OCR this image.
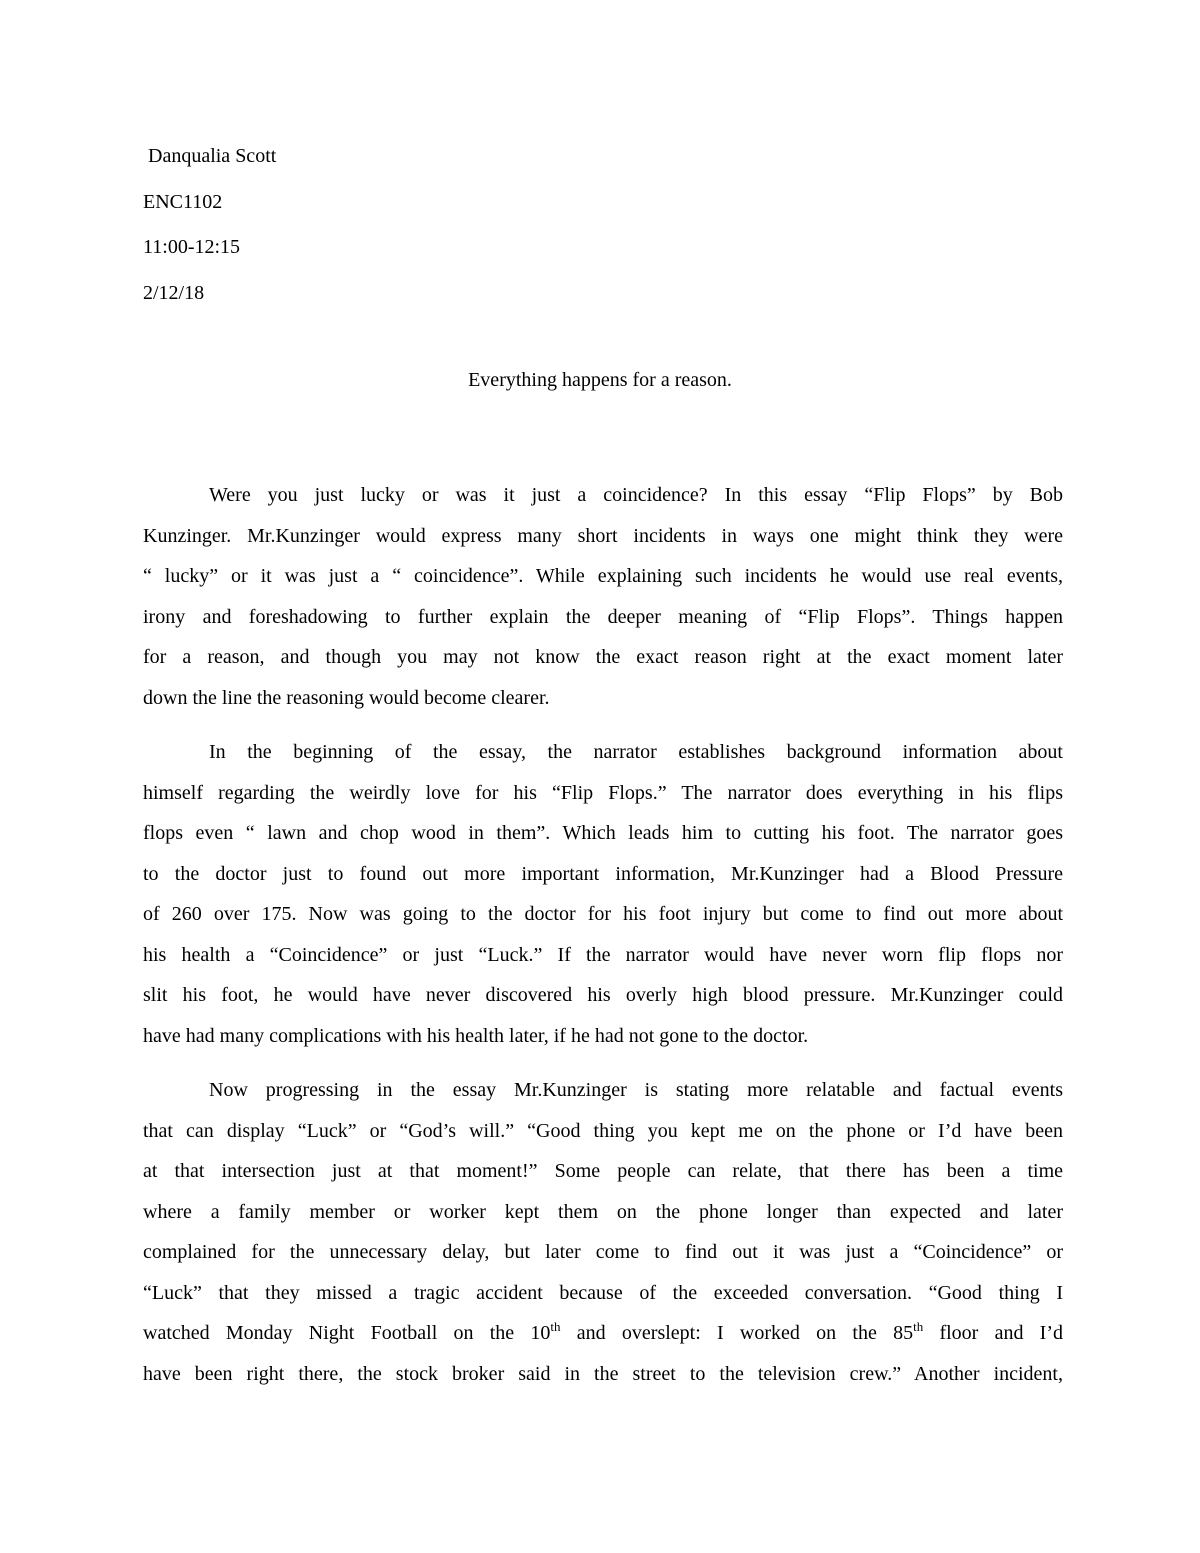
Danqualia Scott
ENC1102
11:00-12:15
2/12/18
Everything happens for a reason.
Were you just lucky or was it just a coincidence? In this essay “Flip Flops” by Bob
Kunzinger. Mr.Kunzinger would express many short incidents in ways one might think they were
“ lucky” or it was just a “ coincidence”. While explaining such incidents he would use real events,
irony and foreshadowing to further explain the deeper meaning of “Flip Flops”. Things happen
for a reason, and though you may not know the exact reason right at the exact moment later
down the line the reasoning would become clearer.
In the beginning of the essay, the narrator establishes background information about
himself regarding the weirdly love for his “Flip Flops.” The narrator does everything in his flips
flops even “ lawn and chop wood in them”. Which leads him to cutting his foot. The narrator goes
to the doctor just to found out more important information, Mr.Kunzinger had a Blood Pressure
of 260 over 175. Now was going to the doctor for his foot injury but come to find out more about
his health a “Coincidence” or just “Luck.” If the narrator would have never worn flip flops nor
slit his foot, he would have never discovered his overly high blood pressure. Mr.Kunzinger could
have had many complications with his health later, if he had not gone to the doctor.
Now progressing in the essay Mr.Kunzinger is stating more relatable and factual events
that can display “Luck” or “God’s will.” “Good thing you kept me on the phone or I’d have been
at that intersection just at that moment!” Some people can relate, that there has been a time
where a family member or worker kept them on the phone longer than expected and later
complained for the unnecessary delay, but later come to find out it was just a “Coincidence” or
“Luck” that they missed a tragic accident because of the exceeded conversation. “Good thing I
watched Monday Night Football on the 10th and overslept: I worked on the 85th floor and I’d
have been right there, the stock broker said in the street to the television crew.” Another incident,
